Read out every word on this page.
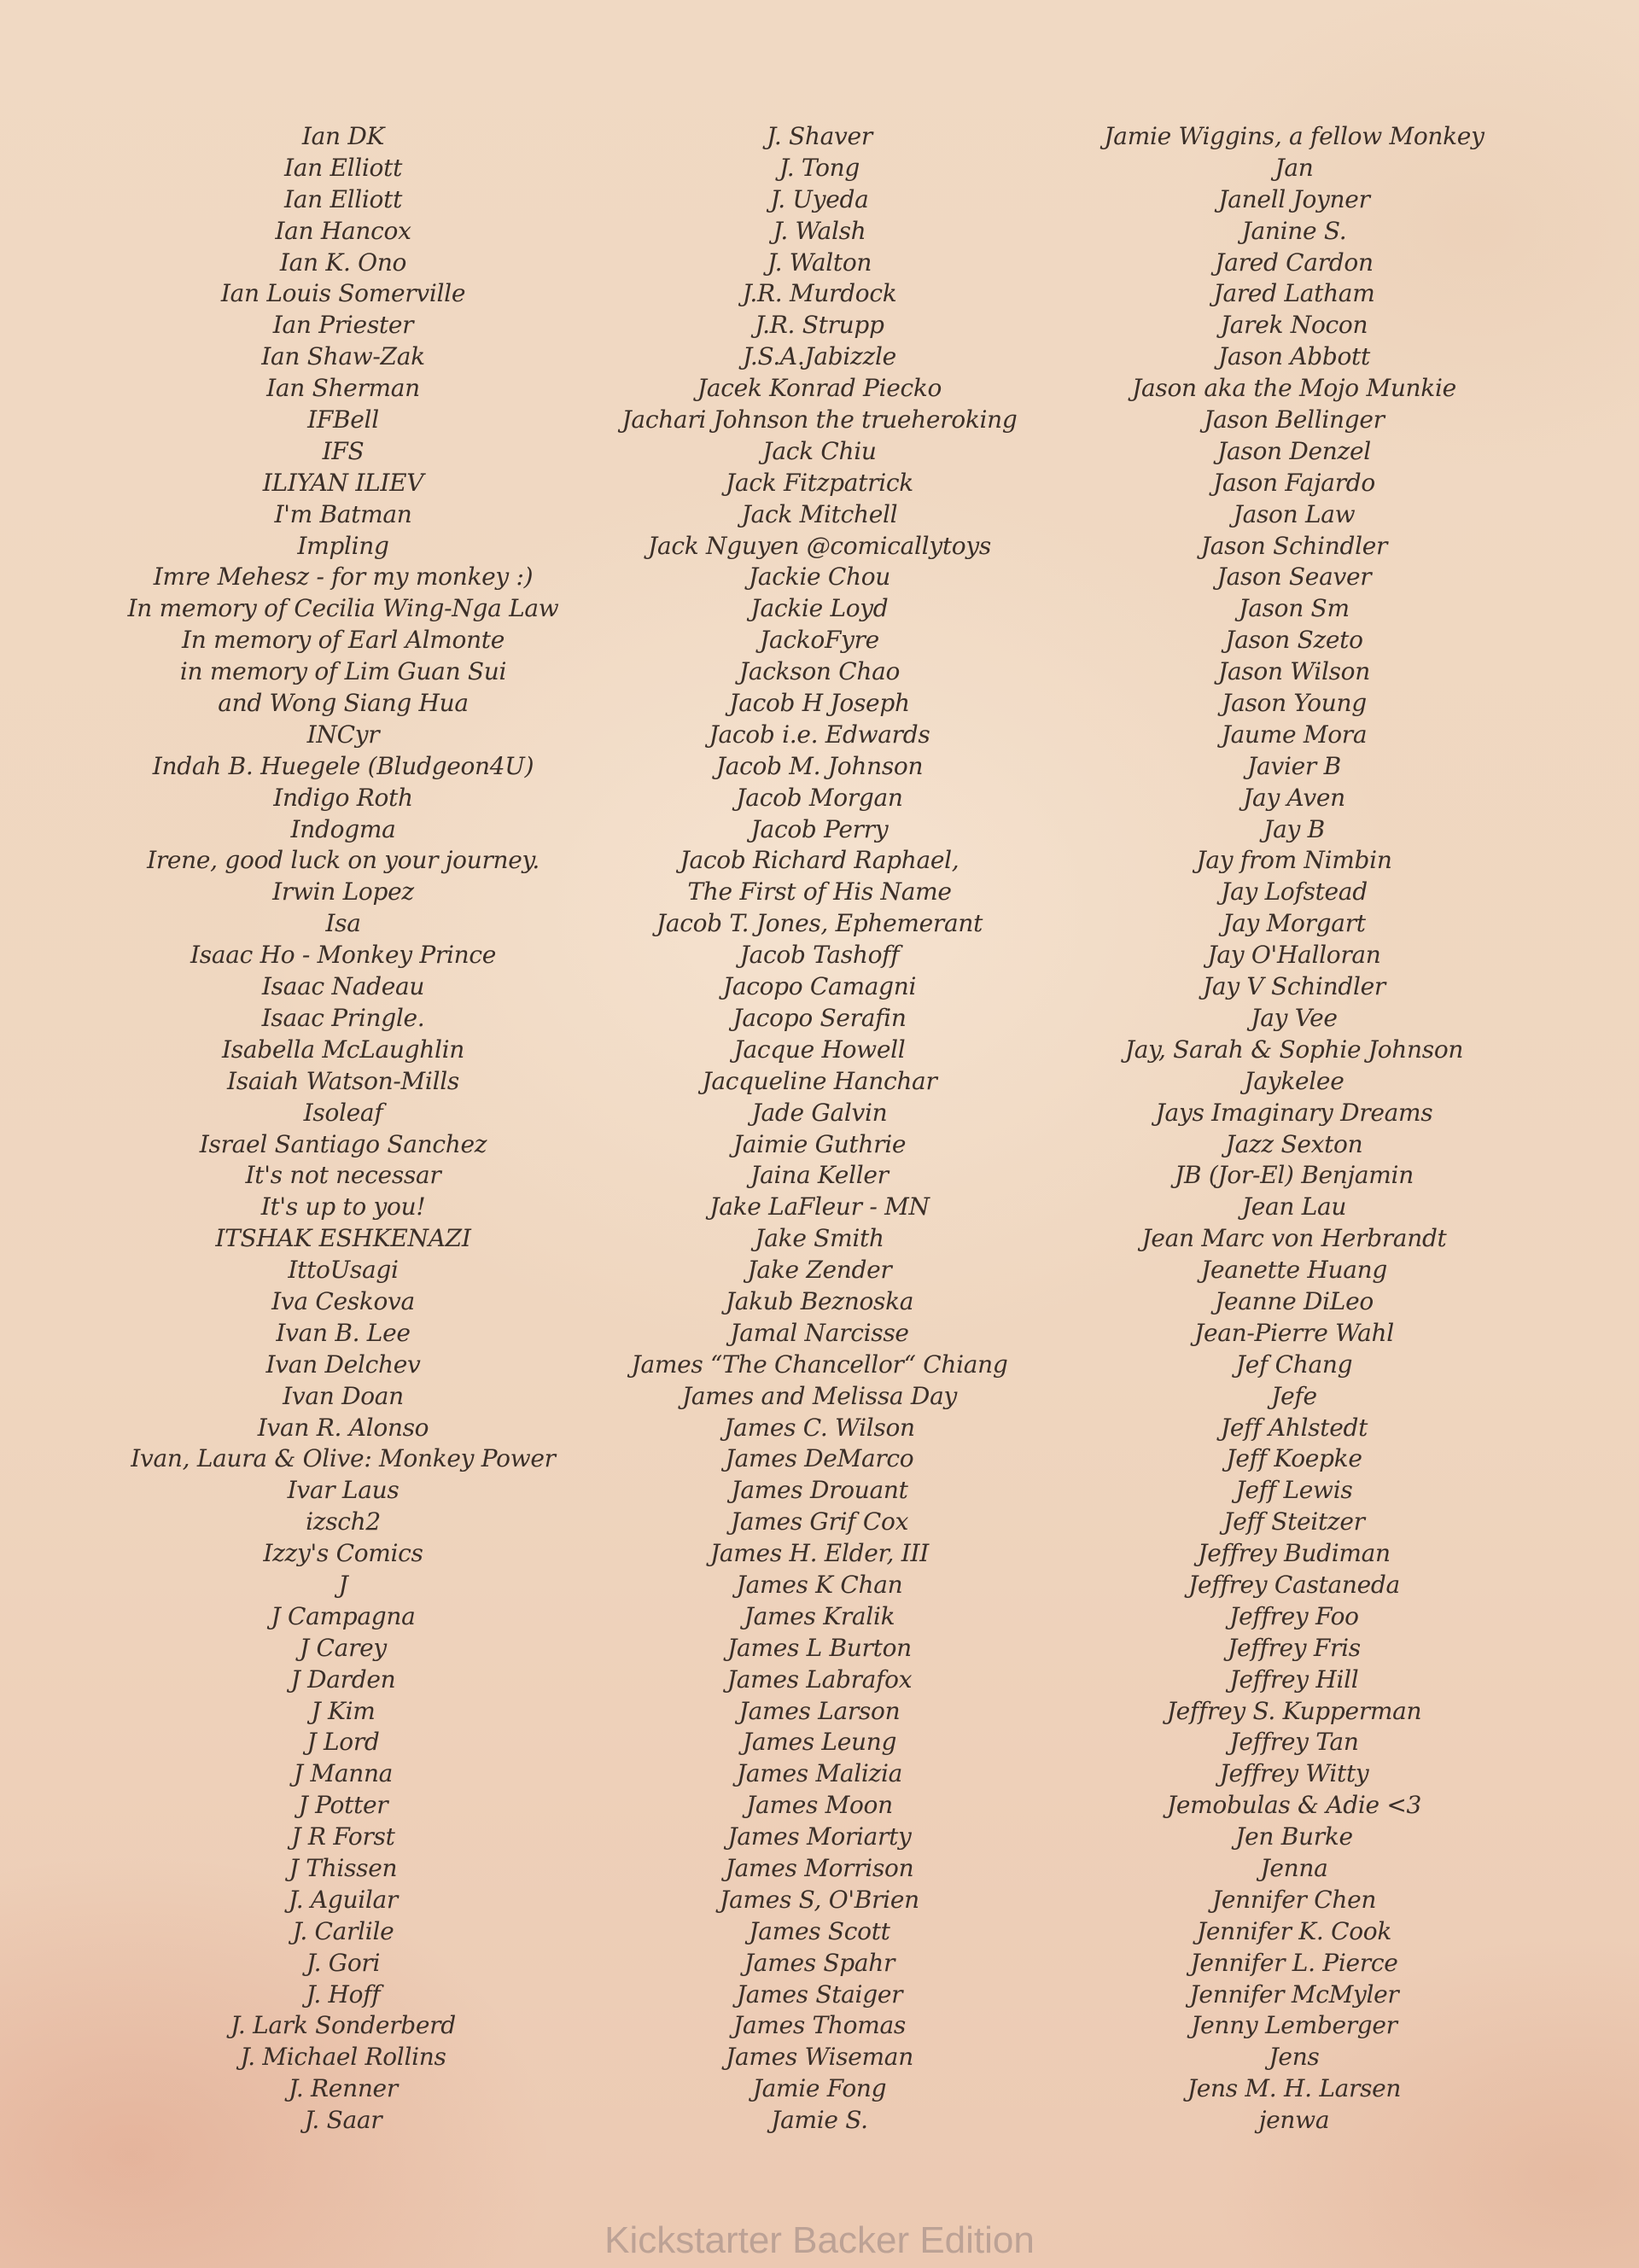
Ian DK
Ian Elliott
Ian Elliott
Ian Hancox
Ian K. Ono
Ian Louis Somerville
Ian Priester
Ian Shaw-Zak
Ian Sherman
IFBell
IFS
ILIYAN ILIEV
I'm Batman
Impling
Imre Mehesz - for my monkey :)
In memory of Cecilia Wing-Nga Law
In memory of Earl Almonte
in memory of Lim Guan Sui
and Wong Siang Hua
INCyr
Indah B. Huegele (Bludgeon4U)
Indigo Roth
Indogma
Irene, good luck on your journey.
Irwin Lopez
Isa
Isaac Ho - Monkey Prince
Isaac Nadeau
Isaac Pringle.
Isabella McLaughlin
Isaiah Watson-Mills
Isoleaf
Israel Santiago Sanchez
It's not necessar
It's up to you!
ITSHAK ESHKENAZI
IttoUsagi
Iva Ceskova
Ivan B. Lee
Ivan Delchev
Ivan Doan
Ivan R. Alonso
Ivan, Laura & Olive: Monkey Power
Ivar Laus
izsch2
Izzy's Comics
J
J Campagna
J Carey
J Darden
J Kim
J Lord
J Manna
J Potter
J R Forst
J Thissen
J. Aguilar
J. Carlile
J. Gori
J. Hoff
J. Lark Sonderberd
J. Michael Rollins
J. Renner
J. Saar
J. Shaver
J. Tong
J. Uyeda
J. Walsh
J. Walton
J.R. Murdock
J.R. Strupp
J.S.A.Jabizzle
Jacek Konrad Piecko
Jachari Johnson the trueheroking
Jack Chiu
Jack Fitzpatrick
Jack Mitchell
Jack Nguyen @comicallytoys
Jackie Chou
Jackie Loyd
JackoFyre
Jackson Chao
Jacob H Joseph
Jacob i.e. Edwards
Jacob M. Johnson
Jacob Morgan
Jacob Perry
Jacob Richard Raphael,
The First of His Name
Jacob T. Jones, Ephemerant
Jacob Tashoff
Jacopo Camagni
Jacopo Serafin
Jacque Howell
Jacqueline Hanchar
Jade Galvin
Jaimie Guthrie
Jaina Keller
Jake LaFleur - MN
Jake Smith
Jake Zender
Jakub Beznoska
Jamal Narcisse
James “The Chancellor“ Chiang
James and Melissa Day
James C. Wilson
James DeMarco
James Drouant
James Grif Cox
James H. Elder, III
James K Chan
James Kralik
James L Burton
James Labrafox
James Larson
James Leung
James Malizia
James Moon
James Moriarty
James Morrison
James S, O'Brien
James Scott
James Spahr
James Staiger
James Thomas
James Wiseman
Jamie Fong
Jamie S.
Jamie Wiggins, a fellow Monkey
Jan
Janell Joyner
Janine S.
Jared Cardon
Jared Latham
Jarek Nocon
Jason Abbott
Jason aka the Mojo Munkie
Jason Bellinger
Jason Denzel
Jason Fajardo
Jason Law
Jason Schindler
Jason Seaver
Jason Sm
Jason Szeto
Jason Wilson
Jason Young
Jaume Mora
Javier B
Jay Aven
Jay B
Jay from Nimbin
Jay Lofstead
Jay Morgart
Jay O'Halloran
Jay V Schindler
Jay Vee
Jay, Sarah & Sophie Johnson
Jaykelee
Jays Imaginary Dreams
Jazz Sexton
JB (Jor-El) Benjamin
Jean Lau
Jean Marc von Herbrandt
Jeanette Huang
Jeanne DiLeo
Jean-Pierre Wahl
Jef Chang
Jefe
Jeff Ahlstedt
Jeff Koepke
Jeff Lewis
Jeff Steitzer
Jeffrey Budiman
Jeffrey Castaneda
Jeffrey Foo
Jeffrey Fris
Jeffrey Hill
Jeffrey S. Kupperman
Jeffrey Tan
Jeffrey Witty
Jemobulas & Adie <3
Jen Burke
Jenna
Jennifer Chen
Jennifer K. Cook
Jennifer L. Pierce
Jennifer McMyler
Jenny Lemberger
Jens
Jens M. H. Larsen
jenwa
Kickstarter Backer Edition
